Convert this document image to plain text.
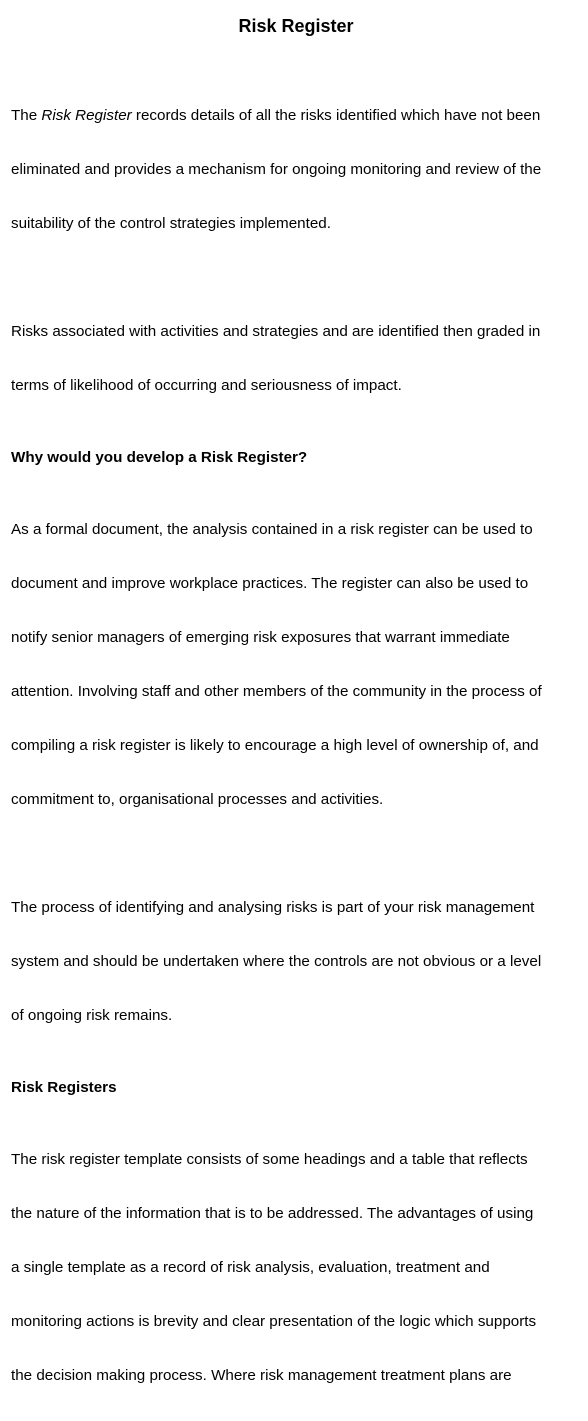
Risk Register

The Risk Register records details of all the risks identified which have not been

eliminated and provides a mechanism for ongoing monitoring and review of the

suitability of the control strategies implemented.

Risks associated with activities and strategies and are identified then graded in

terms of likelihood of occurring and seriousness of impact.

Why would you develop a Risk Register?

As a formal document, the analysis contained in a risk register can be used to

document and improve workplace practices. The register can also be used to

notify senior managers of emerging risk exposures that warrant immediate

attention. Involving staff and other members of the community in the process of

compiling a risk register is likely to encourage a high level of ownership of, and

commitment to, organisational processes and activities.

The process of identifying and analysing risks is part of your risk management

system and should be undertaken where the controls are not obvious or a level

of ongoing risk remains.

Risk Registers

The risk register template consists of some headings and a table that reflects

the nature of the information that is to be addressed. The advantages of using

a single template as a record of risk analysis, evaluation, treatment and

monitoring actions is brevity and clear presentation of the logic which supports

the decision making process. Where risk management treatment plans are
